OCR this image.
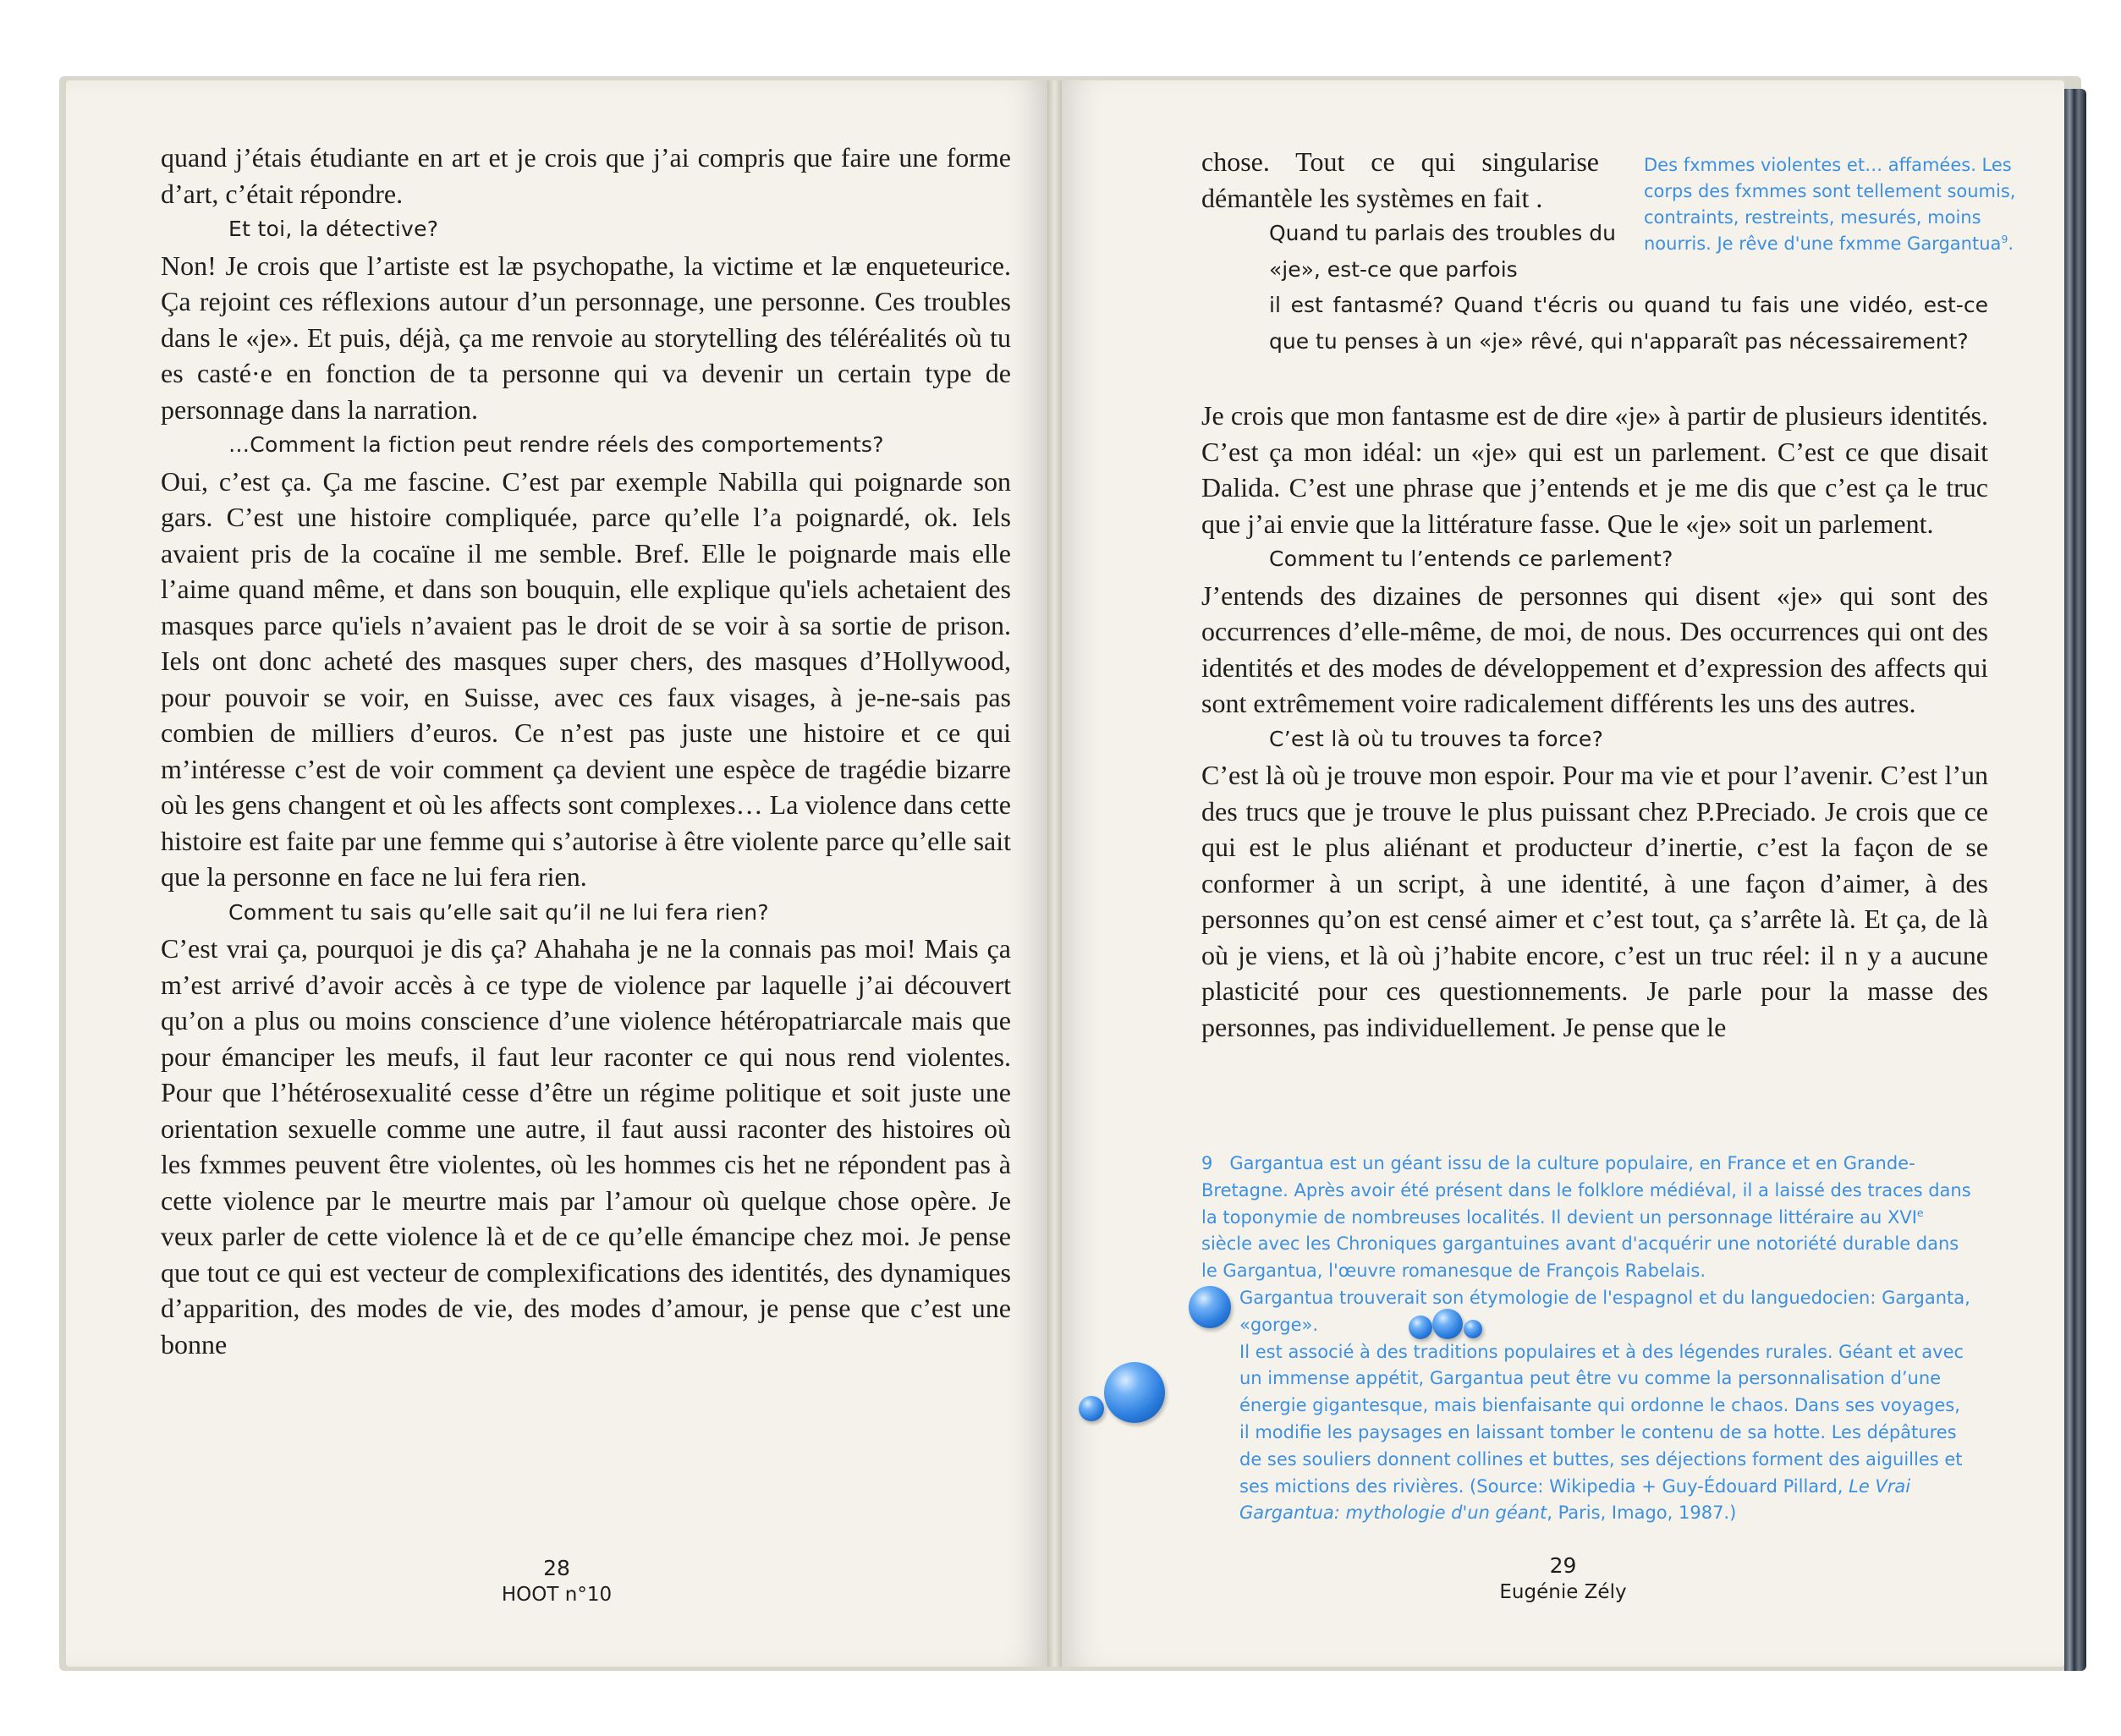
quand j’étais étudiante en art et je crois que j’ai compris que faire une forme d’art, c’était répondre.

Et toi, la détective?

Non! Je crois que l’artiste est læ psychopathe, la victime et læ enqueteurice. Ça rejoint ces réflexions autour d’un personnage, une personne. Ces troubles dans le «je». Et puis, déjà, ça me renvoie au storytelling des téléréalités où tu es casté·e en fonction de ta personne qui va devenir un certain type de personnage dans la narration.

…Comment la fiction peut rendre réels des comportements?

Oui, c’est ça. Ça me fascine. C’est par exemple Nabilla qui poignarde son gars. C’est une histoire compliquée, parce qu’elle l’a poignardé, ok. Iels avaient pris de la cocaïne il me semble. Bref. Elle le poignarde mais elle l’aime quand même, et dans son bouquin, elle explique qu'iels achetaient des masques parce qu'iels n’avaient pas le droit de se voir à sa sortie de prison. Iels ont donc acheté des masques super chers, des masques d’Hollywood, pour pouvoir se voir, en Suisse, avec ces faux visages, à je-ne-sais pas combien de milliers d’euros. Ce n’est pas juste une histoire et ce qui m’intéresse c’est de voir comment ça devient une espèce de tragédie bizarre où les gens changent et où les affects sont complexes… La violence dans cette histoire est faite par une femme qui s’autorise à être violente parce qu’elle sait que la personne en face ne lui fera rien.

Comment tu sais qu’elle sait qu’il ne lui fera rien?

C’est vrai ça, pourquoi je dis ça? Ahahaha je ne la connais pas moi! Mais ça m’est arrivé d’avoir accès à ce type de violence par laquelle j’ai découvert qu’on a plus ou moins conscience d’une violence hétéropatriarcale mais que pour émanciper les meufs, il faut leur raconter ce qui nous rend violentes. Pour que l’hétérosexualité cesse d’être un régime politique et soit juste une orientation sexuelle comme une autre, il faut aussi raconter des histoires où les fxmmes peuvent être violentes, où les hommes cis het ne répondent pas à cette violence par le meurtre mais par l’amour où quelque chose opère. Je veux parler de cette violence là et de ce qu’elle émancipe chez moi. Je pense que tout ce qui est vecteur de complexifications des identités, des dynamiques d’apparition, des modes de vie, des modes d’amour, je pense que c’est une bonne

28
HOOT n°10

chose. Tout ce qui singularise démantèle les systèmes en fait .

Quand tu parlais des troubles du «je», est-ce que parfois

il est fantasmé? Quand t'écris ou quand tu fais une vidéo, est-ce que tu penses à un «je» rêvé, qui n'apparaît pas nécessairement?

Des fxmmes violentes et… affamées. Les corps des fxmmes sont tellement soumis, contraints, restreints, mesurés, moins nourris. Je rêve d'une fxmme Gargantua$^9$.

Je crois que mon fantasme est de dire «je» à partir de plusieurs identités. C’est ça mon idéal: un «je» qui est un parlement. C’est ce que disait Dalida. C’est une phrase que j’entends et je me dis que c’est ça le truc que j’ai envie que la littérature fasse. Que le «je» soit un parlement.

Comment tu l’entends ce parlement?

J’entends des dizaines de personnes qui disent «je» qui sont des occurrences d’elle-même, de moi, de nous. Des occurrences qui ont des identités et des modes de développement et d’expression des affects qui sont extrêmement voire radicalement différents les uns des autres.

C’est là où tu trouves ta force?

C’est là où je trouve mon espoir. Pour ma vie et pour l’avenir. C’est l’un des trucs que je trouve le plus puissant chez P.Preciado. Je crois que ce qui est le plus aliénant et producteur d’inertie, c’est la façon de se conformer à un script, à une identité, à une façon d’aimer, à des personnes qu’on est censé aimer et c’est tout, ça s’arrête là. Et ça, de là où je viens, et là où j’habite encore, c’est un truc réel: il n y a aucune plasticité pour ces questionnements. Je parle pour la masse des personnes, pas individuellement. Je pense que le

9 Gargantua est un géant issu de la culture populaire, en France et en Grande-Bretagne. Après avoir été présent dans le folklore médiéval, il a laissé des traces dans la toponymie de nombreuses localités. Il devient un personnage littéraire au XVIe siècle avec les Chroniques gargantuines avant d'acquérir une notoriété durable dans le Gargantua, l'œuvre romanesque de François Rabelais.

Gargantua trouverait son étymologie de l'espagnol et du languedocien: Garganta, «gorge».

Il est associé à des traditions populaires et à des légendes rurales. Géant et avec un immense appétit, Gargantua peut être vu comme la personnalisation d’une énergie gigantesque, mais bienfaisante qui ordonne le chaos. Dans ses voyages, il modifie les paysages en laissant tomber le contenu de sa hotte. Les dépâtures de ses souliers donnent collines et buttes, ses déjections forment des aiguilles et ses mictions des rivières. (Source: Wikipedia + Guy-Édouard Pillard, Le Vrai Gargantua: mythologie d'un géant, Paris, Imago, 1987.)

29
Eugénie Zély
